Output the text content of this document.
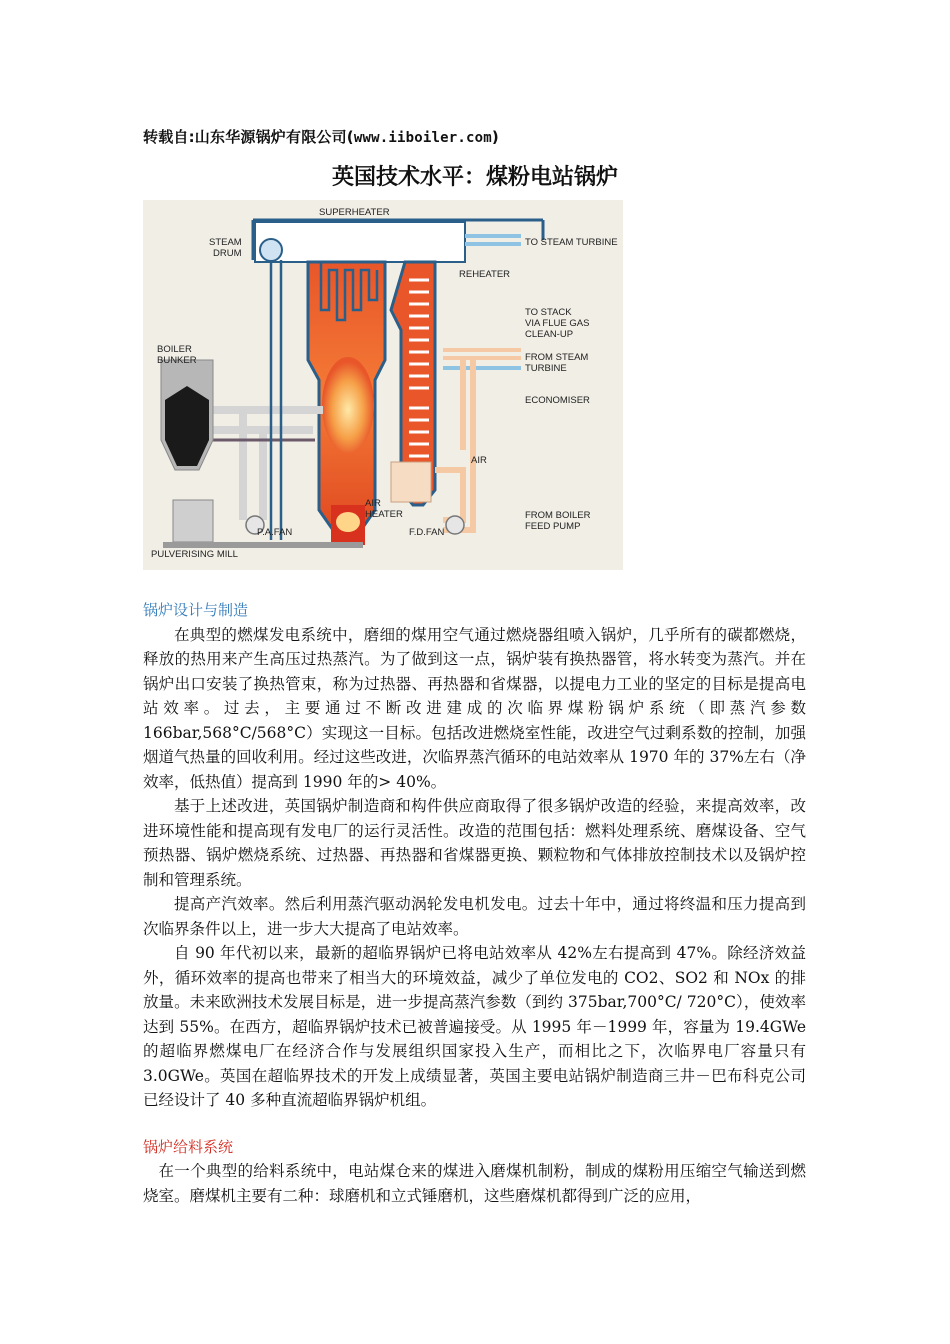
转载自:山东华源锅炉有限公司(www.iiboiler.com)
英国技术水平：煤粉电站锅炉
SUPERHEATER
STEAM
DRUM
TO STEAM TURBINE
REHEATER
TO STACK
VIA FLUE GAS
CLEAN-UP
BOILER
BUNKER	FROM STEAM
TURBINE
ECONOMISER
AIR
AIR
HEATER
P.A.FAN	F.D.FAN
FROM BOILER
FEED PUMP
PULVERISING MILL
锅炉设计与制造

在典型的燃煤发电系统中，磨细的煤用空气通过燃烧器组喷入锅炉，几乎所有的碳都燃烧，释放的热用来产生高压过热蒸汽。为了做到这一点，锅炉装有换热器管，将水转变为蒸汽。并在锅炉出口安装了换热管束，称为过热器、再热器和省煤器，以提电力工业的坚定的目标是提高电站效率。过去，主要通过不断改进建成的次临界煤粉锅炉系统（即蒸汽参数 166bar,568°C/568°C）实现这一目标。包括改进燃烧室性能，改进空气过剩系数的控制，加强烟道气热量的回收利用。经过这些改进，次临界蒸汽循环的电站效率从 1970 年的 37%左右（净效率，低热值）提高到 1990 年的> 40%。

基于上述改进，英国锅炉制造商和构件供应商取得了很多锅炉改造的经验，来提高效率，改进环境性能和提高现有发电厂的运行灵活性。改造的范围包括：燃料处理系统、磨煤设备、空气预热器、锅炉燃烧系统、过热器、再热器和省煤器更换、颗粒物和气体排放控制技术以及锅炉控制和管理系统。

提高产汽效率。然后利用蒸汽驱动涡轮发电机发电。过去十年中，通过将终温和压力提高到次临界条件以上，进一步大大提高了电站效率。

自 90 年代初以来，最新的超临界锅炉已将电站效率从 42%左右提高到 47%。除经济效益外，循环效率的提高也带来了相当大的环境效益，减少了单位发电的 CO2、SO2 和 NOx 的排放量。未来欧洲技术发展目标是，进一步提高蒸汽参数（到约 375bar,700°C/ 720°C），使效率达到 55%。在西方，超临界锅炉技术已被普遍接受。从 1995 年－1999 年，容量为 19.4GWe 的超临界燃煤电厂在经济合作与发展组织国家投入生产，而相比之下，次临界电厂容量只有 3.0GWe。英国在超临界技术的开发上成绩显著，英国主要电站锅炉制造商三井－巴布科克公司已经设计了 40 多种直流超临界锅炉机组。

锅炉给料系统

在一个典型的给料系统中，电站煤仓来的煤进入磨煤机制粉，制成的煤粉用压缩空气输送到燃烧室。磨煤机主要有二种：球磨机和立式锤磨机，这些磨煤机都得到广泛的应用，
